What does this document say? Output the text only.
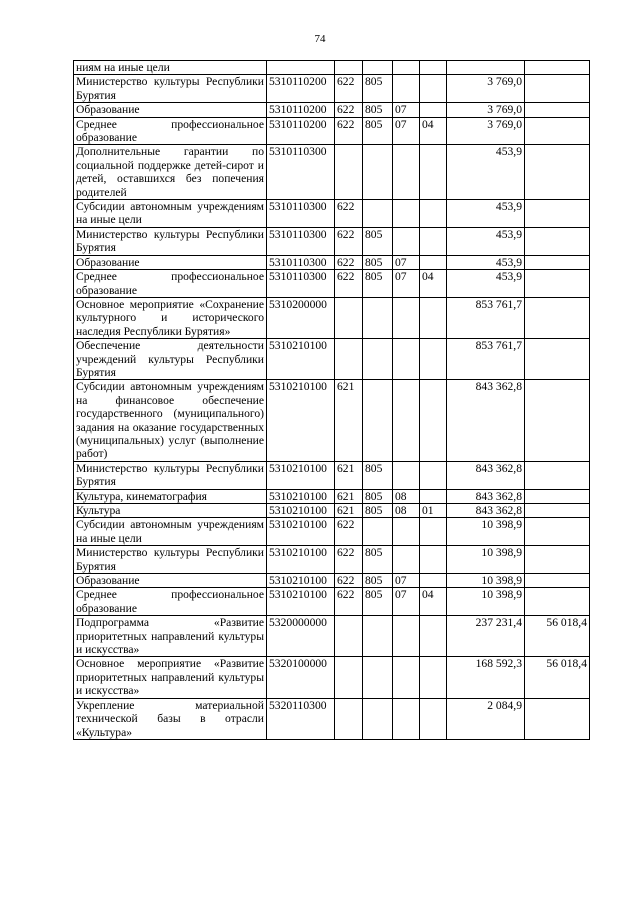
74
ниям на иные цели							
Министерство культуры Республики Бурятия	5310110200	622	805			3 769,0	
Образование	5310110200	622	805	07		3 769,0	
Среднее профессиональное образование	5310110200	622	805	07	04	3 769,0	
Дополнительные гарантии по социальной поддержке детей-сирот и детей, оставшихся без попечения родителей	5310110300					453,9	
Субсидии автономным учреждениям на иные цели	5310110300	622				453,9	
Министерство культуры Республики Бурятия	5310110300	622	805			453,9	
Образование	5310110300	622	805	07		453,9	
Среднее профессиональное образование	5310110300	622	805	07	04	453,9	
Основное мероприятие «Сохранение культурного и исторического наследия Республики Бурятия»	5310200000					853 761,7	
Обеспечение деятельности учреждений культуры Республики Бурятия	5310210100					853 761,7	
Субсидии автономным учреждениям на финансовое обеспечение государственного (муниципального) задания на оказание государственных (муниципальных) услуг (выполнение работ)	5310210100	621				843 362,8	
Министерство культуры Республики Бурятия	5310210100	621	805			843 362,8	
Культура, кинематография	5310210100	621	805	08		843 362,8	
Культура	5310210100	621	805	08	01	843 362,8	
Субсидии автономным учреждениям на иные цели	5310210100	622				10 398,9	
Министерство культуры Республики Бурятия	5310210100	622	805			10 398,9	
Образование	5310210100	622	805	07		10 398,9	
Среднее профессиональное образование	5310210100	622	805	07	04	10 398,9	
Подпрограмма «Развитие приоритетных направлений культуры и искусства»	5320000000					237 231,4	56 018,4
Основное мероприятие «Развитие приоритетных направлений культуры и искусства»	5320100000					168 592,3	56 018,4
Укрепление материальной технической базы в отрасли «Культура»	5320110300					2 084,9	
